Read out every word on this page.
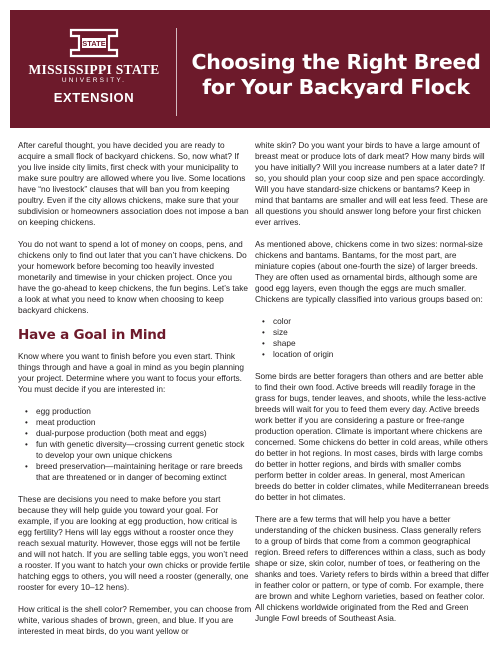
STATE
MISSISSIPPI STATE
UNIVERSITY.
EXTENSION
Choosing the Right Breed
for Your Backyard Flock

After careful thought, you have decided you are ready to acquire a small flock of backyard chickens. So, now what? If you live inside city limits, first check with your municipality to make sure poultry are allowed where you live. Some locations have “no livestock” clauses that will ban you from keeping poultry. Even if the city allows chickens, make sure that your subdivision or homeowners association does not impose a ban on keeping chickens.

You do not want to spend a lot of money on coops, pens, and chickens only to find out later that you can’t have chickens. Do your homework before becoming too heavily invested monetarily and timewise in your chicken project. Once you have the go-ahead to keep chickens, the fun begins. Let’s take a look at what you need to know when choosing to keep backyard chickens.

Have a Goal in Mind

Know where you want to finish before you even start. Think things through and have a goal in mind as you begin planning your project. Determine where you want to focus your efforts. You must decide if you are interested in:

• egg production
• meat production
• dual-purpose production (both meat and eggs)
• fun with genetic diversity—crossing current genetic stock to develop your own unique chickens
• breed preservation—maintaining heritage or rare breeds that are threatened or in danger of becoming extinct

These are decisions you need to make before you start because they will help guide you toward your goal. For example, if you are looking at egg production, how critical is egg fertility? Hens will lay eggs without a rooster once they reach sexual maturity. However, those eggs will not be fertile and will not hatch. If you are selling table eggs, you won’t need a rooster. If you want to hatch your own chicks or provide fertile hatching eggs to others, you will need a rooster (generally, one rooster for every 10–12 hens).

How critical is the shell color? Remember, you can choose from white, various shades of brown, green, and blue. If you are interested in meat birds, do you want yellow or

white skin? Do you want your birds to have a large amount of breast meat or produce lots of dark meat? How many birds will you have initially? Will you increase numbers at a later date? If so, you should plan your coop size and pen space accordingly. Will you have standard-size chickens or bantams? Keep in mind that bantams are smaller and will eat less feed. These are all questions you should answer long before your first chicken ever arrives.

As mentioned above, chickens come in two sizes: normal-size chickens and bantams. Bantams, for the most part, are miniature copies (about one-fourth the size) of larger breeds. They are often used as ornamental birds, although some are good egg layers, even though the eggs are much smaller. Chickens are typically classified into various groups based on:

• color
• size
• shape
• location of origin

Some birds are better foragers than others and are better able to find their own food. Active breeds will readily forage in the grass for bugs, tender leaves, and shoots, while the less-active breeds will wait for you to feed them every day. Active breeds work better if you are considering a pasture or free-range production operation. Climate is important where chickens are concerned. Some chickens do better in cold areas, while others do better in hot regions. In most cases, birds with large combs do better in hotter regions, and birds with smaller combs perform better in colder areas. In general, most American breeds do better in colder climates, while Mediterranean breeds do better in hot climates.

There are a few terms that will help you have a better understanding of the chicken business. Class generally refers to a group of birds that come from a common geographical region. Breed refers to differences within a class, such as body shape or size, skin color, number of toes, or feathering on the shanks and toes. Variety refers to birds within a breed that differ in feather color or pattern, or type of comb. For example, there are brown and white Leghorn varieties, based on feather color. All chickens worldwide originated from the Red and Green Jungle Fowl breeds of Southeast Asia.
